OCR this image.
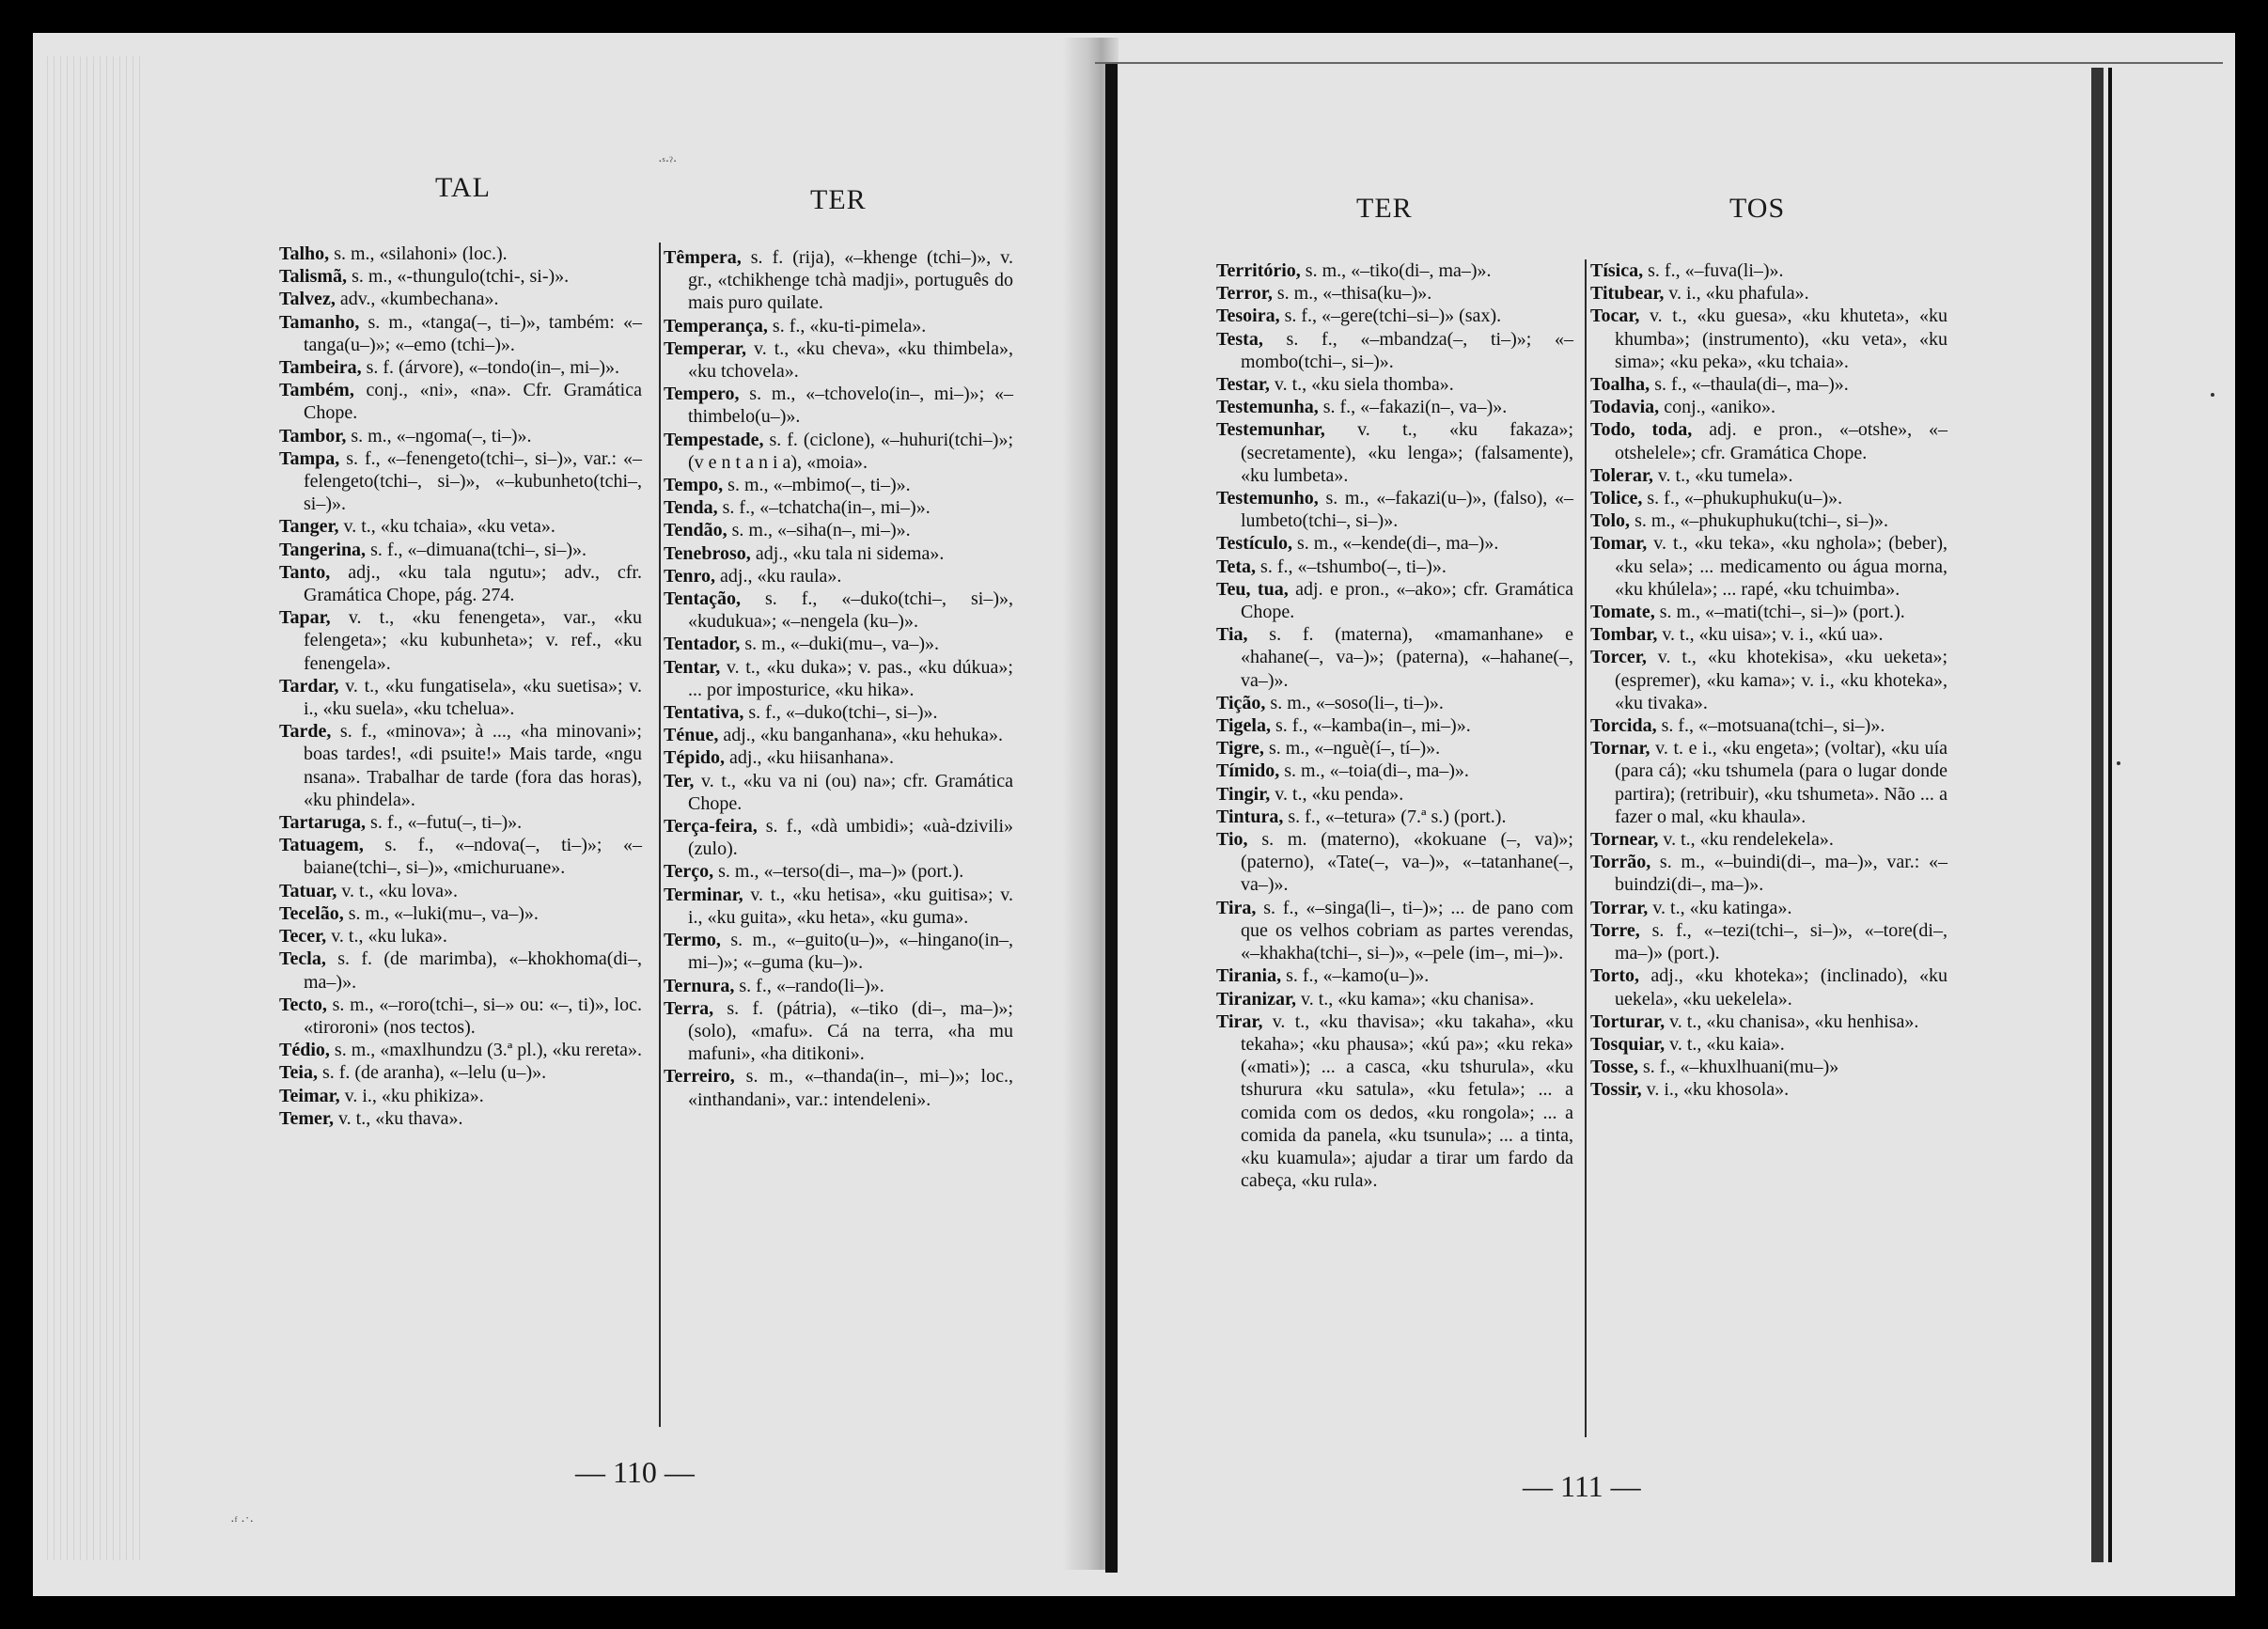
·ˢ·ˀ·
·ᶠ ·˙·
TAL	TER

Talho, s. m., «silahoni» (loc.).

Talismã, s. m., «-thungulo(tchi-, si-)».

Talvez, adv., «kumbechana».

Tamanho, s. m., «tanga(–, ti–)», também: «–tanga(u–)»; «–emo (tchi–)».

Tambeira, s. f. (árvore), «–tondo(in–, mi–)».

Também, conj., «ni», «na». Cfr. Gramática Chope.

Tambor, s. m., «–ngoma(–, ti–)».

Tampa, s. f., «–fenengeto(tchi–, si–)», var.: «–felengeto(tchi–, si–)», «–kubunheto(tchi–, si–)».

Tanger, v. t., «ku tchaia», «ku veta».

Tangerina, s. f., «–dimuana(tchi–, si–)».

Tanto, adj., «ku tala ngutu»; adv., cfr. Gramática Chope, pág. 274.

Tapar, v. t., «ku fenengeta», var., «ku felengeta»; «ku kubunheta»; v. ref., «ku fenengela».

Tardar, v. t., «ku fungatisela», «ku suetisa»; v. i., «ku suela», «ku tchelua».

Tarde, s. f., «minova»; à ..., «ha minovani»; boas tardes!, «di psuite!» Mais tarde, «ngu nsana». Trabalhar de tarde (fora das horas), «ku phindela».

Tartaruga, s. f., «–futu(–, ti–)».

Tatuagem, s. f., «–ndova(–, ti–)»; «–baiane(tchi–, si–)», «michuruane».

Tatuar, v. t., «ku lova».

Tecelão, s. m., «–luki(mu–, va–)».

Tecer, v. t., «ku luka».

Tecla, s. f. (de marimba), «–khokhoma(di–, ma–)».

Tecto, s. m., «–roro(tchi–, si–» ou: «–, ti)», loc. «tiroroni» (nos tectos).

Tédio, s. m., «maxlhundzu (3.ª pl.), «ku rereta».

Teia, s. f. (de aranha), «–lelu (u–)».

Teimar, v. i., «ku phikiza».

Temer, v. t., «ku thava».

Têmpera, s. f. (rija), «–khenge (tchi–)», v. gr., «tchikhenge tchà madji», português do mais puro quilate.

Temperança, s. f., «ku-ti-pimela».

Temperar, v. t., «ku cheva», «ku thimbela», «ku tchovela».

Tempero, s. m., «–tchovelo(in–, mi–)»; «–thimbelo(u–)».

Tempestade, s. f. (ciclone), «–huhuri(tchi–)»; (v e n t a n i a), «moia».

Tempo, s. m., «–mbimo(–, ti–)».

Tenda, s. f., «–tchatcha(in–, mi–)».

Tendão, s. m., «–siha(n–, mi–)».

Tenebroso, adj., «ku tala ni sidema».

Tenro, adj., «ku raula».

Tentação, s. f., «–duko(tchi–, si–)», «kudukua»; «–nengela (ku–)».

Tentador, s. m., «–duki(mu–, va–)».

Tentar, v. t., «ku duka»; v. pas., «ku dúkua»; ... por imposturice, «ku hika».

Tentativa, s. f., «–duko(tchi–, si–)».

Ténue, adj., «ku banganhana», «ku hehuka».

Tépido, adj., «ku hiisanhana».

Ter, v. t., «ku va ni (ou) na»; cfr. Gramática Chope.

Terça-feira, s. f., «dà umbidi»; «uà-dzivili» (zulo).

Terço, s. m., «–terso(di–, ma–)» (port.).

Terminar, v. t., «ku hetisa», «ku guitisa»; v. i., «ku guita», «ku heta», «ku guma».

Termo, s. m., «–guito(u–)», «–hingano(in–, mi–)»; «–guma (ku–)».

Ternura, s. f., «–rando(li–)».

Terra, s. f. (pátria), «–tiko (di–, ma–)»; (solo), «mafu». Cá na terra, «ha mu mafuni», «ha ditikoni».

Terreiro, s. m., «–thanda(in–, mi–)»; loc., «inthandani», var.: intendeleni».

— 110 —
TER	TOS

Território, s. m., «–tiko(di–, ma–)».

Terror, s. m., «–thisa(ku–)».

Tesoira, s. f., «–gere(tchi–si–)» (sax).

Testa, s. f., «–mbandza(–, ti–)»; «–mombo(tchi–, si–)».

Testar, v. t., «ku siela thomba».

Testemunha, s. f., «–fakazi(n–, va–)».

Testemunhar, v. t., «ku fakaza»; (secretamente), «ku lenga»; (falsamente), «ku lumbeta».

Testemunho, s. m., «–fakazi(u–)», (falso), «–lumbeto(tchi–, si–)».

Testículo, s. m., «–kende(di–, ma–)».

Teta, s. f., «–tshumbo(–, ti–)».

Teu, tua, adj. e pron., «–ako»; cfr. Gramática Chope.

Tia, s. f. (materna), «mamanhane» e «hahane(–, va–)»; (paterna), «–hahane(–, va–)».

Tição, s. m., «–soso(li–, ti–)».

Tigela, s. f., «–kamba(in–, mi–)».

Tigre, s. m., «–nguè(í–, tí–)».

Tímido, s. m., «–toia(di–, ma–)».

Tingir, v. t., «ku penda».

Tintura, s. f., «–tetura» (7.ª s.) (port.).

Tio, s. m. (materno), «kokuane (–, va)»; (paterno), «Tate(–, va–)», «–tatanhane(–, va–)».

Tira, s. f., «–singa(li–, ti–)»; ... de pano com que os velhos cobriam as partes verendas, «–khakha(tchi–, si–)», «–pele (im–, mi–)».

Tirania, s. f., «–kamo(u–)».

Tiranizar, v. t., «ku kama»; «ku chanisa».

Tirar, v. t., «ku thavisa»; «ku takaha», «ku tekaha»; «ku phausa»; «kú pa»; «ku reka» («mati»); ... a casca, «ku tshurula», «ku tshurura «ku satula», «ku fetula»; ... a comida com os dedos, «ku rongola»; ... a comida da panela, «ku tsunula»; ... a tinta, «ku kuamula»; ajudar a tirar um fardo da cabeça, «ku rula».

Tísica, s. f., «–fuva(li–)».

Titubear, v. i., «ku phafula».

Tocar, v. t., «ku guesa», «ku khuteta», «ku khumba»; (instrumento), «ku veta», «ku sima»; «ku peka», «ku tchaia».

Toalha, s. f., «–thaula(di–, ma–)».

Todavia, conj., «aniko».

Todo, toda, adj. e pron., «–otshe», «–otshelele»; cfr. Gramática Chope.

Tolerar, v. t., «ku tumela».

Tolice, s. f., «–phukuphuku(u–)».

Tolo, s. m., «–phukuphuku(tchi–, si–)».

Tomar, v. t., «ku teka», «ku nghola»; (beber), «ku sela»; ... medicamento ou água morna, «ku khúlela»; ... rapé, «ku tchuimba».

Tomate, s. m., «–mati(tchi–, si–)» (port.).

Tombar, v. t., «ku uisa»; v. i., «kú ua».

Torcer, v. t., «ku khotekisa», «ku ueketa»; (espremer), «ku kama»; v. i., «ku khoteka», «ku tivaka».

Torcida, s. f., «–motsuana(tchi–, si–)».

Tornar, v. t. e i., «ku engeta»; (voltar), «ku uía (para cá); «ku tshumela (para o lugar donde partira); (retribuir), «ku tshumeta». Não ... a fazer o mal, «ku khaula».

Tornear, v. t., «ku rendelekela».

Torrão, s. m., «–buindi(di–, ma–)», var.: «–buindzi(di–, ma–)».

Torrar, v. t., «ku katinga».

Torre, s. f., «–tezi(tchi–, si–)», «–tore(di–, ma–)» (port.).

Torto, adj., «ku khoteka»; (inclinado), «ku uekela», «ku uekelela».

Torturar, v. t., «ku chanisa», «ku henhisa».

Tosquiar, v. t., «ku kaia».

Tosse, s. f., «–khuxlhuani(mu–)»

Tossir, v. i., «ku khosola».

— 111 —
